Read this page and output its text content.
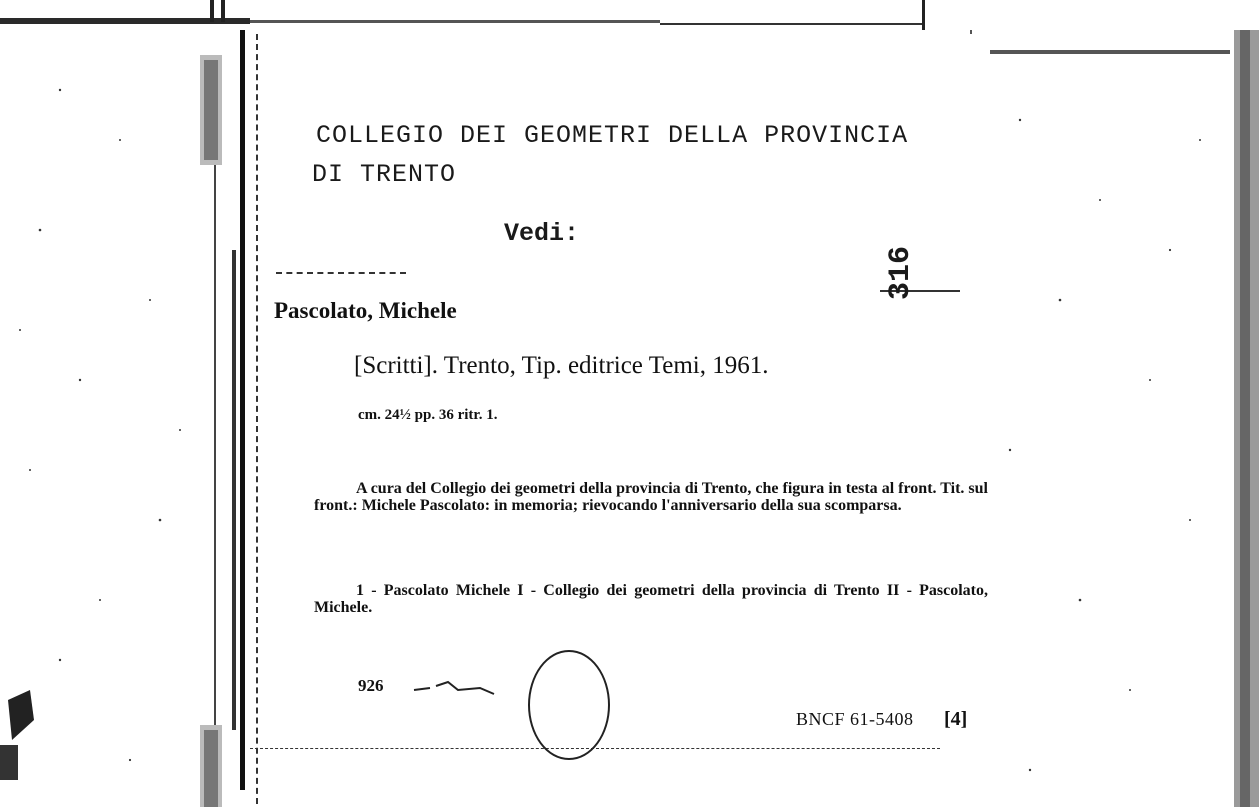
COLLEGIO DEI GEOMETRI DELLA PROVINCIA
DI TRENTO
Vedi:
316
Pascolato, Michele
[Scritti]. Trento, Tip. editrice Temi, 1961.
cm. 24½ pp. 36 ritr. 1.
A cura del Collegio dei geometri della provincia di Trento, che figura in testa al front. Tit. sul front.: Michele Pascolato: in memoria; rievocando l'anniversario della sua scomparsa.
1 - Pascolato Michele I - Collegio dei geometri della provincia di Trento II - Pascolato, Michele.
926
BNCF 61-5408 [4]
